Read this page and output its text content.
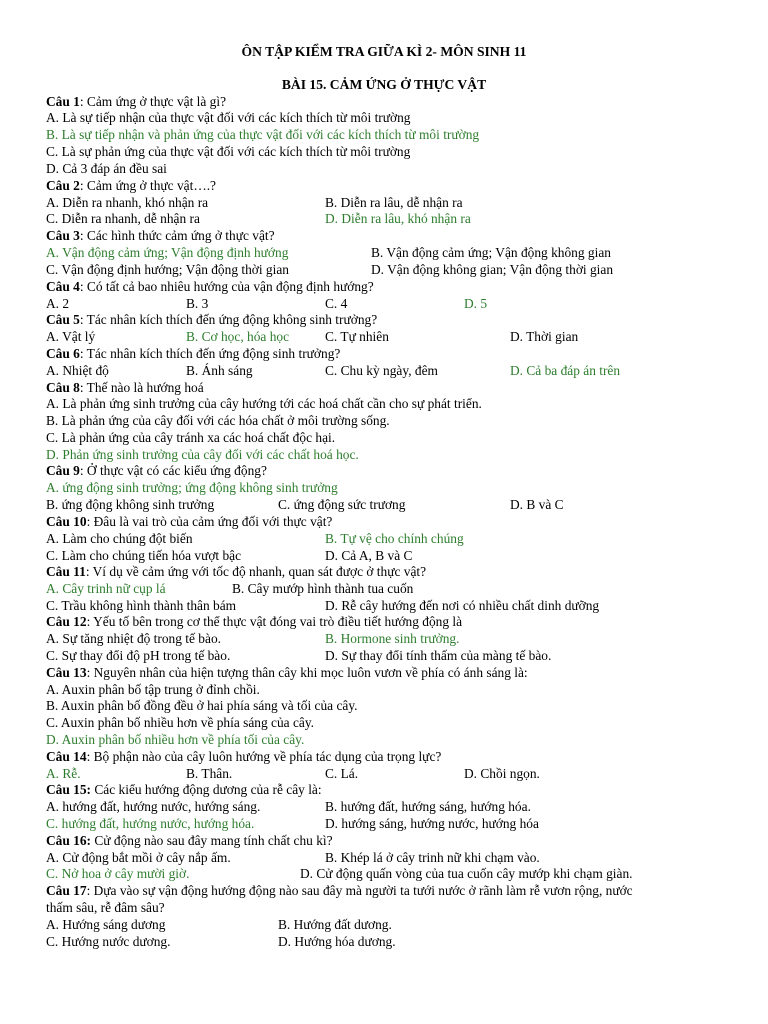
ÔN TẬP KIỂM TRA GIỮA KÌ 2- MÔN SINH 11
BÀI 15. CẢM ỨNG Ở THỰC VẬT
Câu 1: Cảm ứng ở thực vật là gì?
A. Là sự tiếp nhận của thực vật đối với các kích thích từ môi trường
B. Là sự tiếp nhận và phản ứng của thực vật đối với các kích thích từ môi trường
C. Là sự phản ứng của thực vật đối với các kích thích từ môi trường
D. Cả 3 đáp án đều sai
Câu 2: Cảm ứng ở thực vật….?
A. Diễn ra nhanh, khó nhận ra	B. Diễn ra lâu, dễ nhận ra
C. Diễn ra nhanh, dễ nhận ra	D. Diễn ra lâu, khó nhận ra
Câu 3: Các hình thức cảm ứng ở thực vật?
A. Vận động cảm ứng; Vận động định hướng	B. Vận động cảm ứng; Vận động không gian
C. Vận động định hướng; Vận động thời gian	D. Vận động không gian; Vận động thời gian
Câu 4: Có tất cả bao nhiêu hướng của vận động định hướng?
A. 2	B. 3	C. 4	D. 5
Câu 5: Tác nhân kích thích đến ứng động không sinh trưởng?
A. Vật lý	B. Cơ học, hóa học	C. Tự nhiên	D. Thời gian
Câu 6: Tác nhân kích thích đến ứng động sinh trưởng?
A. Nhiệt độ	B. Ánh sáng	C. Chu kỳ ngày, đêm	D. Cả ba đáp án trên
Câu 8: Thế nào là hướng hoá
A. Là phản ứng sinh trưởng của cây hướng tới các hoá chất cần cho sự phát triển.
B. Là phản ứng của cây đối với các hóa chất ở môi trường sống.
C. Là phản ứng của cây tránh xa các hoá chất độc hại.
D. Phản ứng sinh trưởng của cây đối với các chất hoá học.
Câu 9: Ở thực vật có các kiểu ứng động?
A. ứng động sinh trưởng; ứng động không sinh trưởng
B. ứng động không sinh trưởng	C. ứng động sức trương	D. B và C
Câu 10: Đâu là vai trò của cảm ứng đối với thực vật?
A. Làm cho chúng đột biến	B. Tự vệ cho chính chúng
C. Làm cho chúng tiến hóa vượt bậc	D. Cả A, B và C
Câu 11: Ví dụ về cảm ứng với tốc độ nhanh, quan sát được ở thực vật?
A. Cây trinh nữ cụp lá	B. Cây mướp hình thành tua cuốn
C. Trầu không hình thành thân bám	D. Rễ cây hướng đến nơi có nhiều chất dinh dưỡng
Câu 12: Yếu tố bên trong cơ thể thực vật đóng vai trò điều tiết hướng động là
A. Sự tăng nhiệt độ trong tế bào.	B. Hormone sinh trưởng.
C. Sự thay đổi độ pH trong tế bào.	D. Sự thay đổi tính thấm của màng tế bào.
Câu 13: Nguyên nhân của hiện tượng thân cây khi mọc luôn vươn về phía có ánh sáng là:
A. Auxin phân bố tập trung ở đỉnh chồi.
B. Auxin phân bố đồng đều ở hai phía sáng và tối của cây.
C. Auxin phân bố nhiều hơn về phía sáng của cây.
D. Auxin phân bố nhiều hơn về phía tối của cây.
Câu 14: Bộ phận nào của cây luôn hướng về phía tác dụng của trọng lực?
A. Rễ.	B. Thân.	C. Lá.	D. Chồi ngọn.
Câu 15: Các kiểu hướng động dương của rễ cây là:
A. hướng đất, hướng nước, hướng sáng.	B. hướng đất, hướng sáng, hướng hóa.
C. hướng đất, hướng nước, hướng hóa.	D. hướng sáng, hướng nước, hướng hóa
Câu 16: Cử động nào sau đây mang tính chất chu kì?
A. Cử động bắt mồi ở cây nắp ấm.	B. Khép lá ở cây trinh nữ khi chạm vào.
C. Nở hoa ở cây mười giờ.	D. Cử động quấn vòng của tua cuốn cây mướp khi chạm giàn.
Câu 17: Dựa vào sự vận động hướng động nào sau đây mà người ta tưới nước ở rãnh làm rễ vươn rộng, nước
thấm sâu, rễ đâm sâu?
A. Hướng sáng dương	B. Hướng đất dương.
C. Hướng nước dương.	D. Hướng hóa dương.
